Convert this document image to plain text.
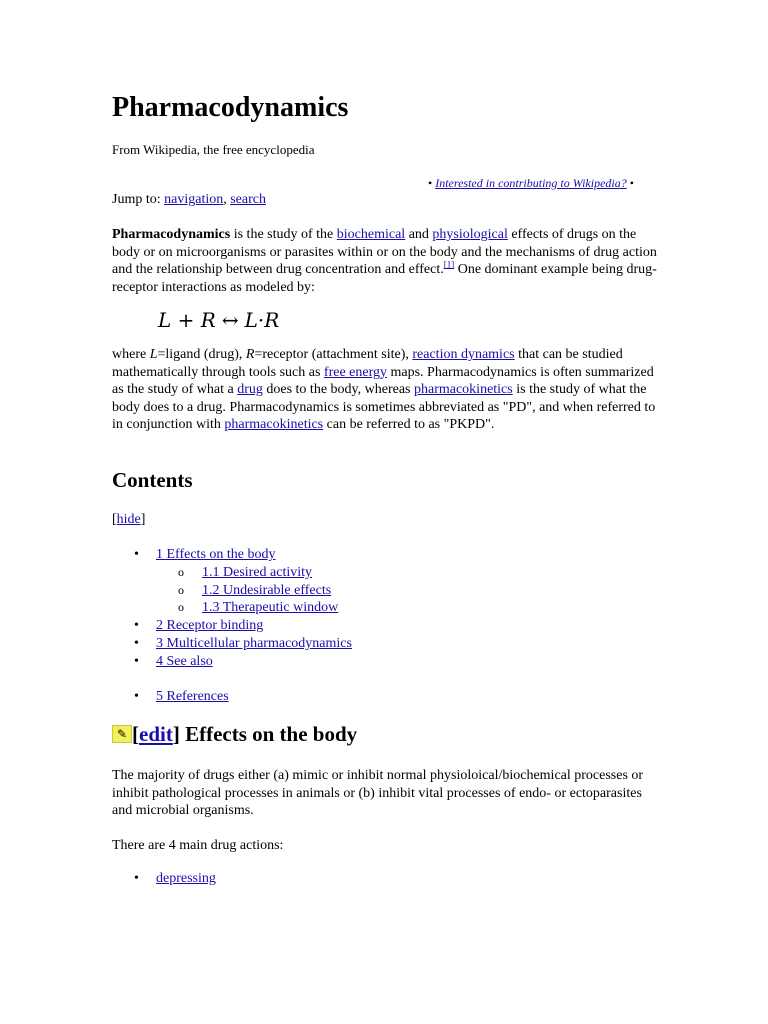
Pharmacodynamics
From Wikipedia, the free encyclopedia
• Interested in contributing to Wikipedia? •
Jump to: navigation, search

Pharmacodynamics is the study of the biochemical and physiological effects of drugs on the body or on microorganisms or parasites within or on the body and the mechanisms of drug action and the relationship between drug concentration and effect.[1] One dominant example being drug-receptor interactions as modeled by:

L + R ↔ L·R

where L=ligand (drug), R=receptor (attachment site), reaction dynamics that can be studied mathematically through tools such as free energy maps. Pharmacodynamics is often summarized as the study of what a drug does to the body, whereas pharmacokinetics is the study of what the body does to a drug. Pharmacodynamics is sometimes abbreviated as "PD", and when referred to in conjunction with pharmacokinetics can be referred to as "PKPD".

Contents
[hide]
• 1 Effects on the body
o 1.1 Desired activity
o 1.2 Undesirable effects
o 1.3 Therapeutic window
• 2 Receptor binding
• 3 Multicellular pharmacodynamics
• 4 See also
• 5 References
✎ [edit] Effects on the body

The majority of drugs either (a) mimic or inhibit normal physioloical/biochemical processes or inhibit pathological processes in animals or (b) inhibit vital processes of endo- or ectoparasites and microbial organisms.

There are 4 main drug actions:

• depressing
